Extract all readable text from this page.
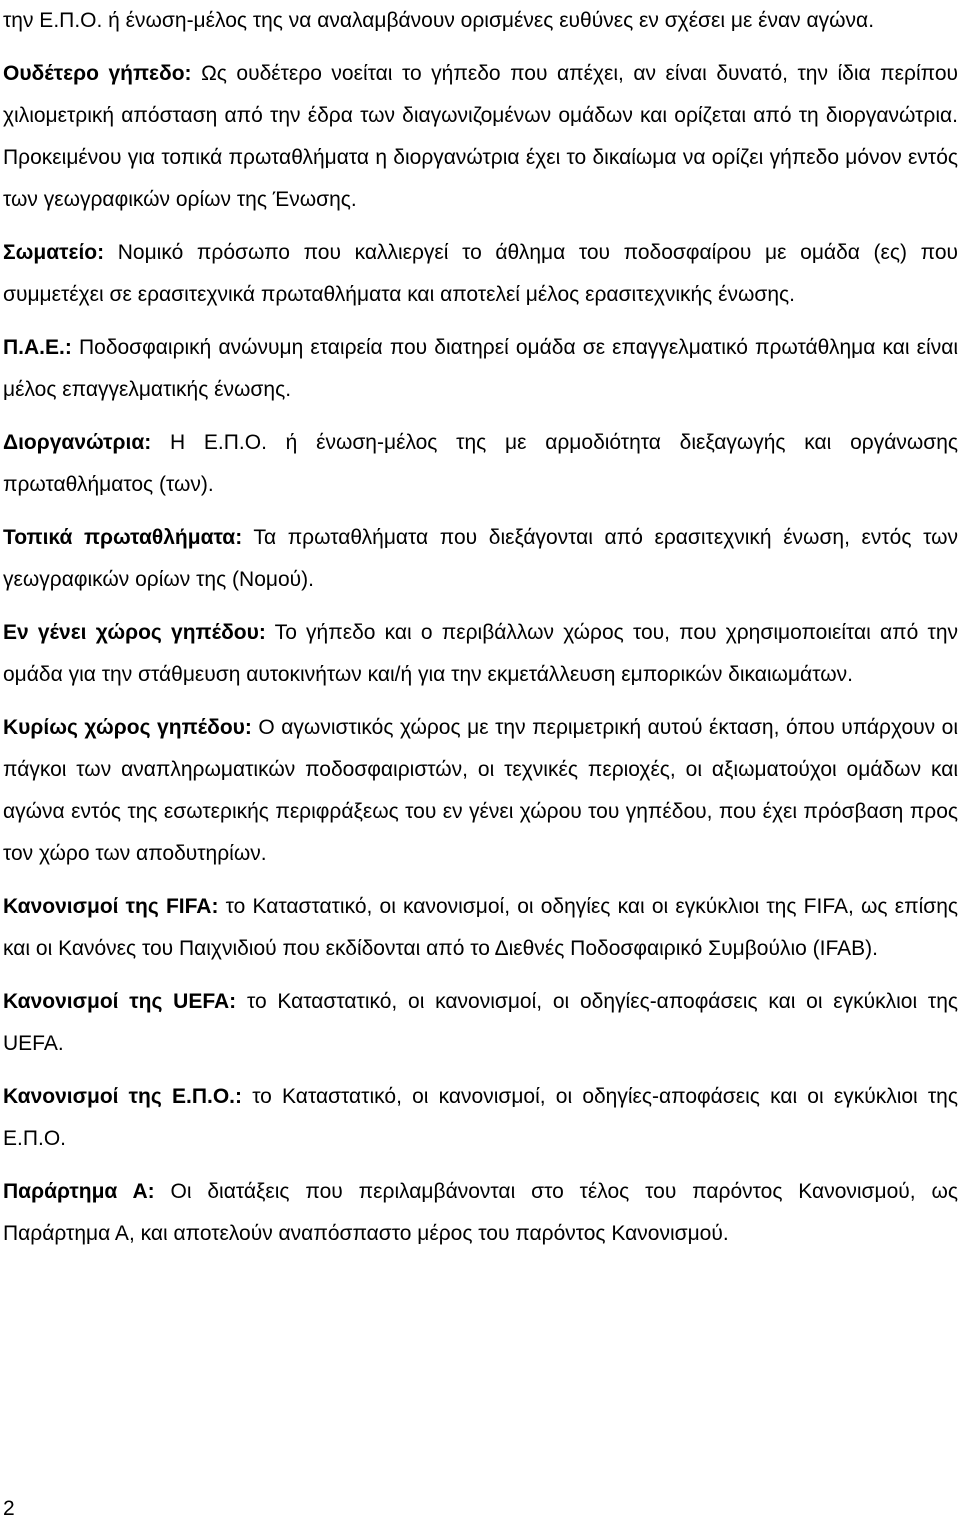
την Ε.Π.Ο. ή ένωση-μέλος της να αναλαμβάνουν ορισμένες ευθύνες εν σχέσει με έναν αγώνα.

Ουδέτερο γήπεδο: Ως ουδέτερο νοείται το γήπεδο που απέχει, αν είναι δυνατό, την ίδια περίπου χιλιομετρική απόσταση από την έδρα των διαγωνιζομένων ομάδων και ορίζεται από τη διοργανώτρια. Προκειμένου για τοπικά πρωταθλήματα η διοργανώτρια έχει το δικαίωμα να ορίζει γήπεδο μόνον εντός των γεωγραφικών ορίων της Ένωσης.

Σωματείο: Νομικό πρόσωπο που καλλιεργεί το άθλημα του ποδοσφαίρου με ομάδα (ες) που συμμετέχει σε ερασιτεχνικά πρωταθλήματα και αποτελεί μέλος ερασιτεχνικής ένωσης.

Π.Α.Ε.: Ποδοσφαιρική ανώνυμη εταιρεία που διατηρεί ομάδα σε επαγγελματικό πρωτάθλημα και είναι μέλος επαγγελματικής ένωσης.

Διοργανώτρια: Η Ε.Π.Ο. ή ένωση-μέλος της με αρμοδιότητα διεξαγωγής και οργάνωσης πρωταθλήματος (των).

Τοπικά πρωταθλήματα: Τα πρωταθλήματα που διεξάγονται από ερασιτεχνική ένωση, εντός των γεωγραφικών ορίων της (Νομού).

Εν γένει χώρος γηπέδου: Το γήπεδο και ο περιβάλλων χώρος του, που χρησιμοποιείται από την ομάδα για την στάθμευση αυτοκινήτων και/ή για την εκμετάλλευση εμπορικών δικαιωμάτων.

Κυρίως χώρος γηπέδου: Ο αγωνιστικός χώρος με την περιμετρική αυτού έκταση, όπου υπάρχουν οι πάγκοι των αναπληρωματικών ποδοσφαιριστών, οι τεχνικές περιοχές, οι αξιωματούχοι ομάδων και αγώνα εντός της εσωτερικής περιφράξεως του εν γένει χώρου του γηπέδου, που έχει πρόσβαση προς τον χώρο των αποδυτηρίων.

Κανονισμοί της FIFA: το Καταστατικό, οι κανονισμοί, οι οδηγίες και οι εγκύκλιοι της FIFA, ως επίσης και οι Κανόνες του Παιχνιδιού που εκδίδονται από το Διεθνές Ποδοσφαιρικό Συμβούλιο (IFAB).

Κανονισμοί της UEFA: το Καταστατικό, οι κανονισμοί, οι οδηγίες-αποφάσεις και οι εγκύκλιοι της UEFA.

Κανονισμοί της Ε.Π.Ο.: το Καταστατικό, οι κανονισμοί, οι οδηγίες-αποφάσεις και οι εγκύκλιοι της Ε.Π.Ο.

Παράρτημα Α: Οι διατάξεις που περιλαμβάνονται στο τέλος του παρόντος Κανονισμού, ως Παράρτημα Α, και αποτελούν αναπόσπαστο μέρος του παρόντος Κανονισμού.

2
